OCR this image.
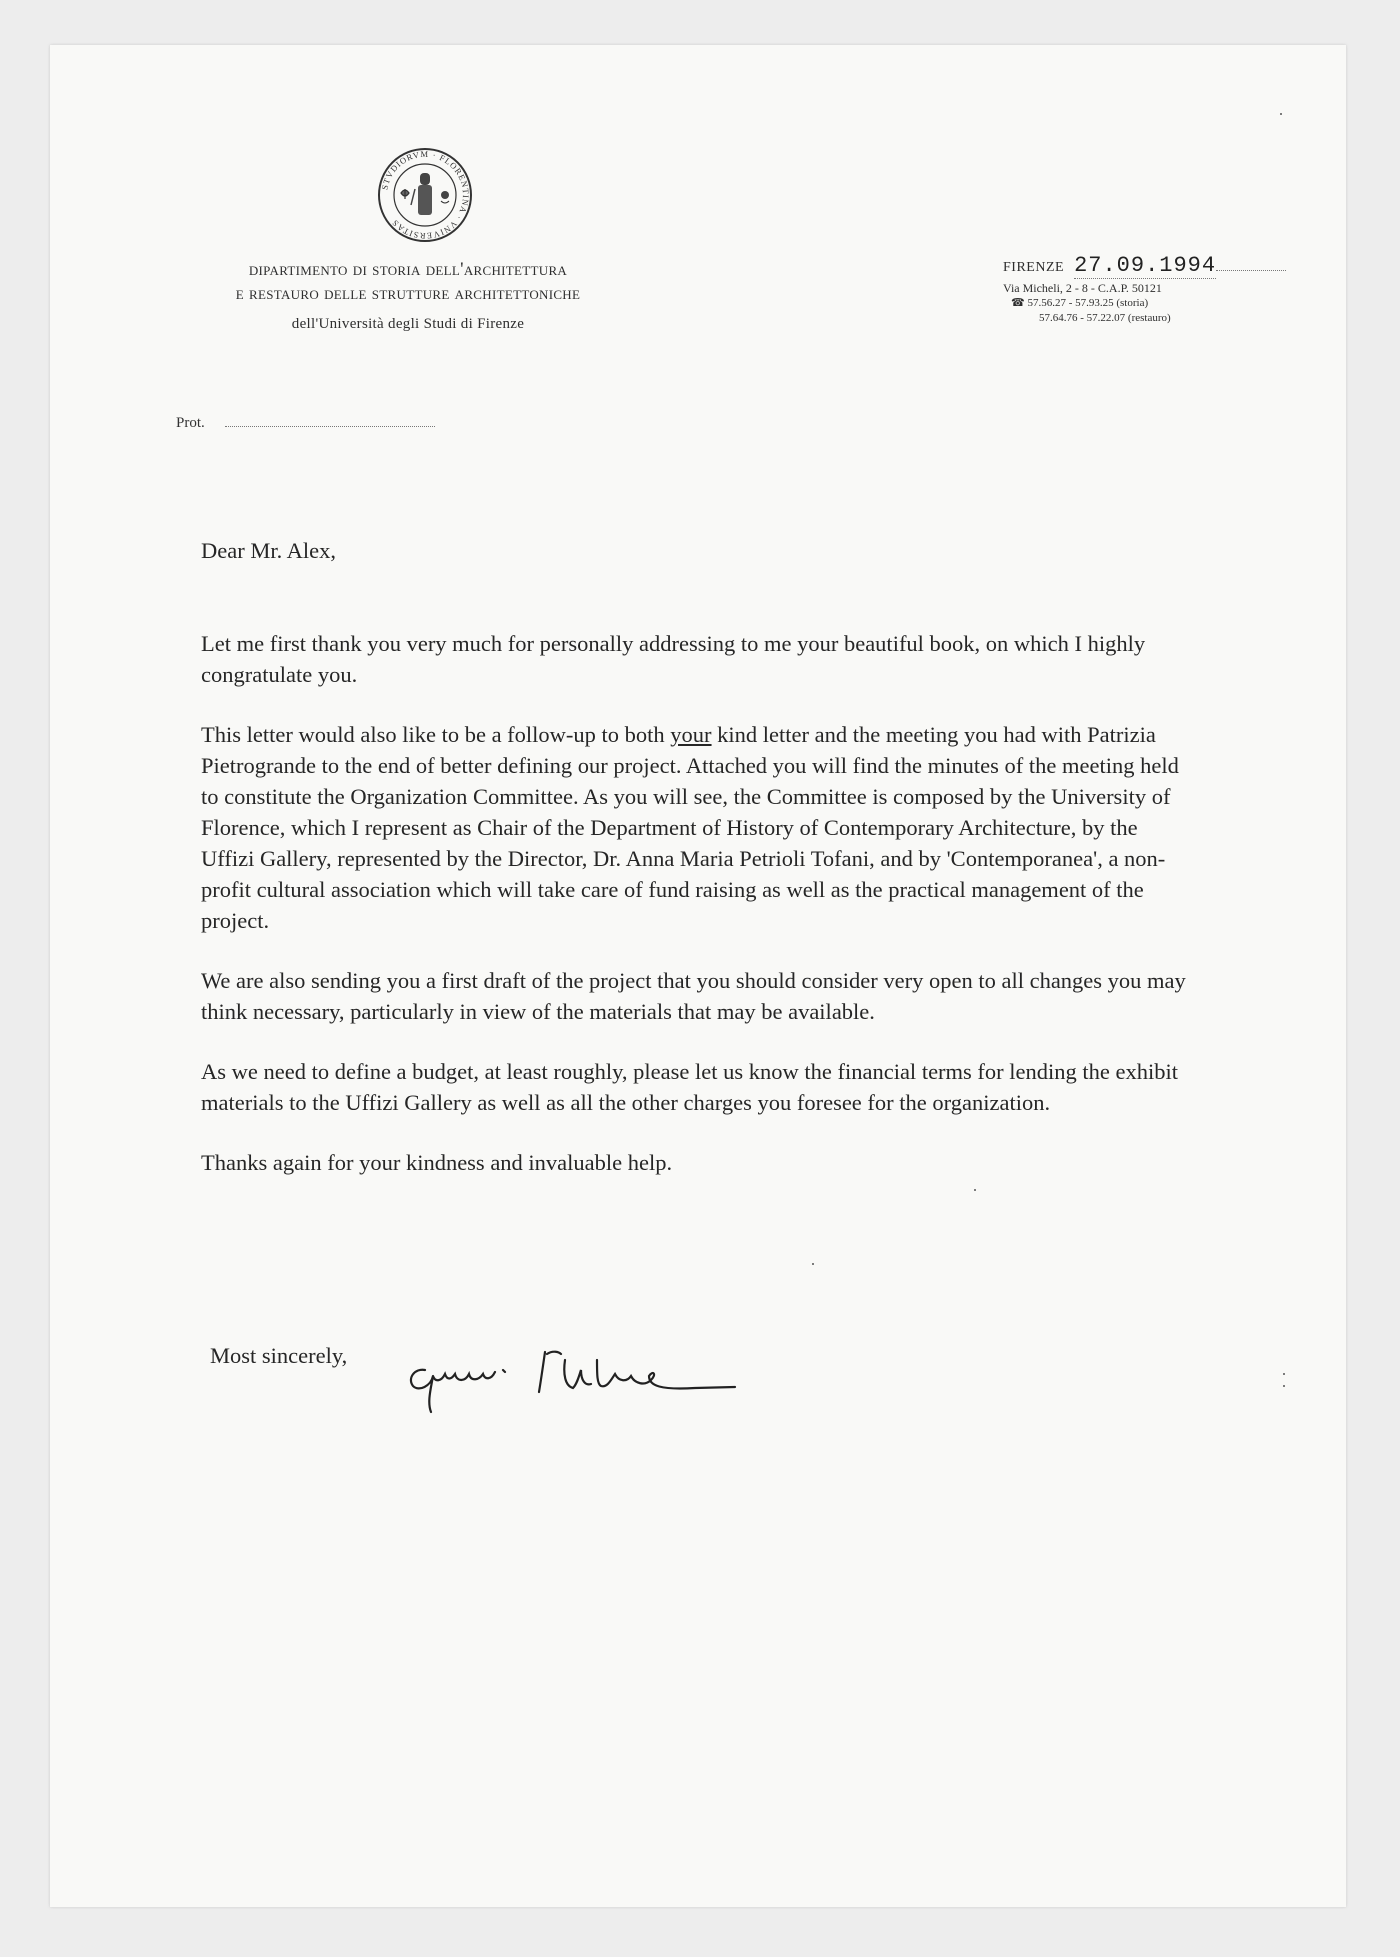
STVDIORVM · FLORENTINA · VNIVERSITAS
dipartimento di storia dell'architettura
e restauro delle strutture architettoniche
dell'Università degli Studi di Firenze
FIRENZE 27.09.1994
Via Micheli, 2 - 8 - C.A.P. 50121
☎ 57.56.27 - 57.93.25 (storia)
57.64.76 - 57.22.07 (restauro)
Prot.

Dear Mr. Alex,

Let me first thank you very much for personally addressing to me your beautiful book, on which I highly congratulate you.

This letter would also like to be a follow-up to both your kind letter and the meeting you had with Patrizia Pietrogrande to the end of better defining our project. Attached you will find the minutes of the meeting held to constitute the Organization Committee. As you will see, the Committee is composed by the University of Florence, which I represent as Chair of the Department of History of Contemporary Architecture, by the Uffizi Gallery, represented by the Director, Dr. Anna Maria Petrioli Tofani, and by 'Contemporanea', a non-profit cultural association which will take care of fund raising as well as the practical management of the project.

We are also sending you a first draft of the project that you should consider very open to all changes you may think necessary, particularly in view of the materials that may be available.

As we need to define a budget, at least roughly, please let us know the financial terms for lending the exhibit materials to the Uffizi Gallery as well as all the other charges you foresee for the organization.

Thanks again for your kindness and invaluable help.

Most sincerely,
